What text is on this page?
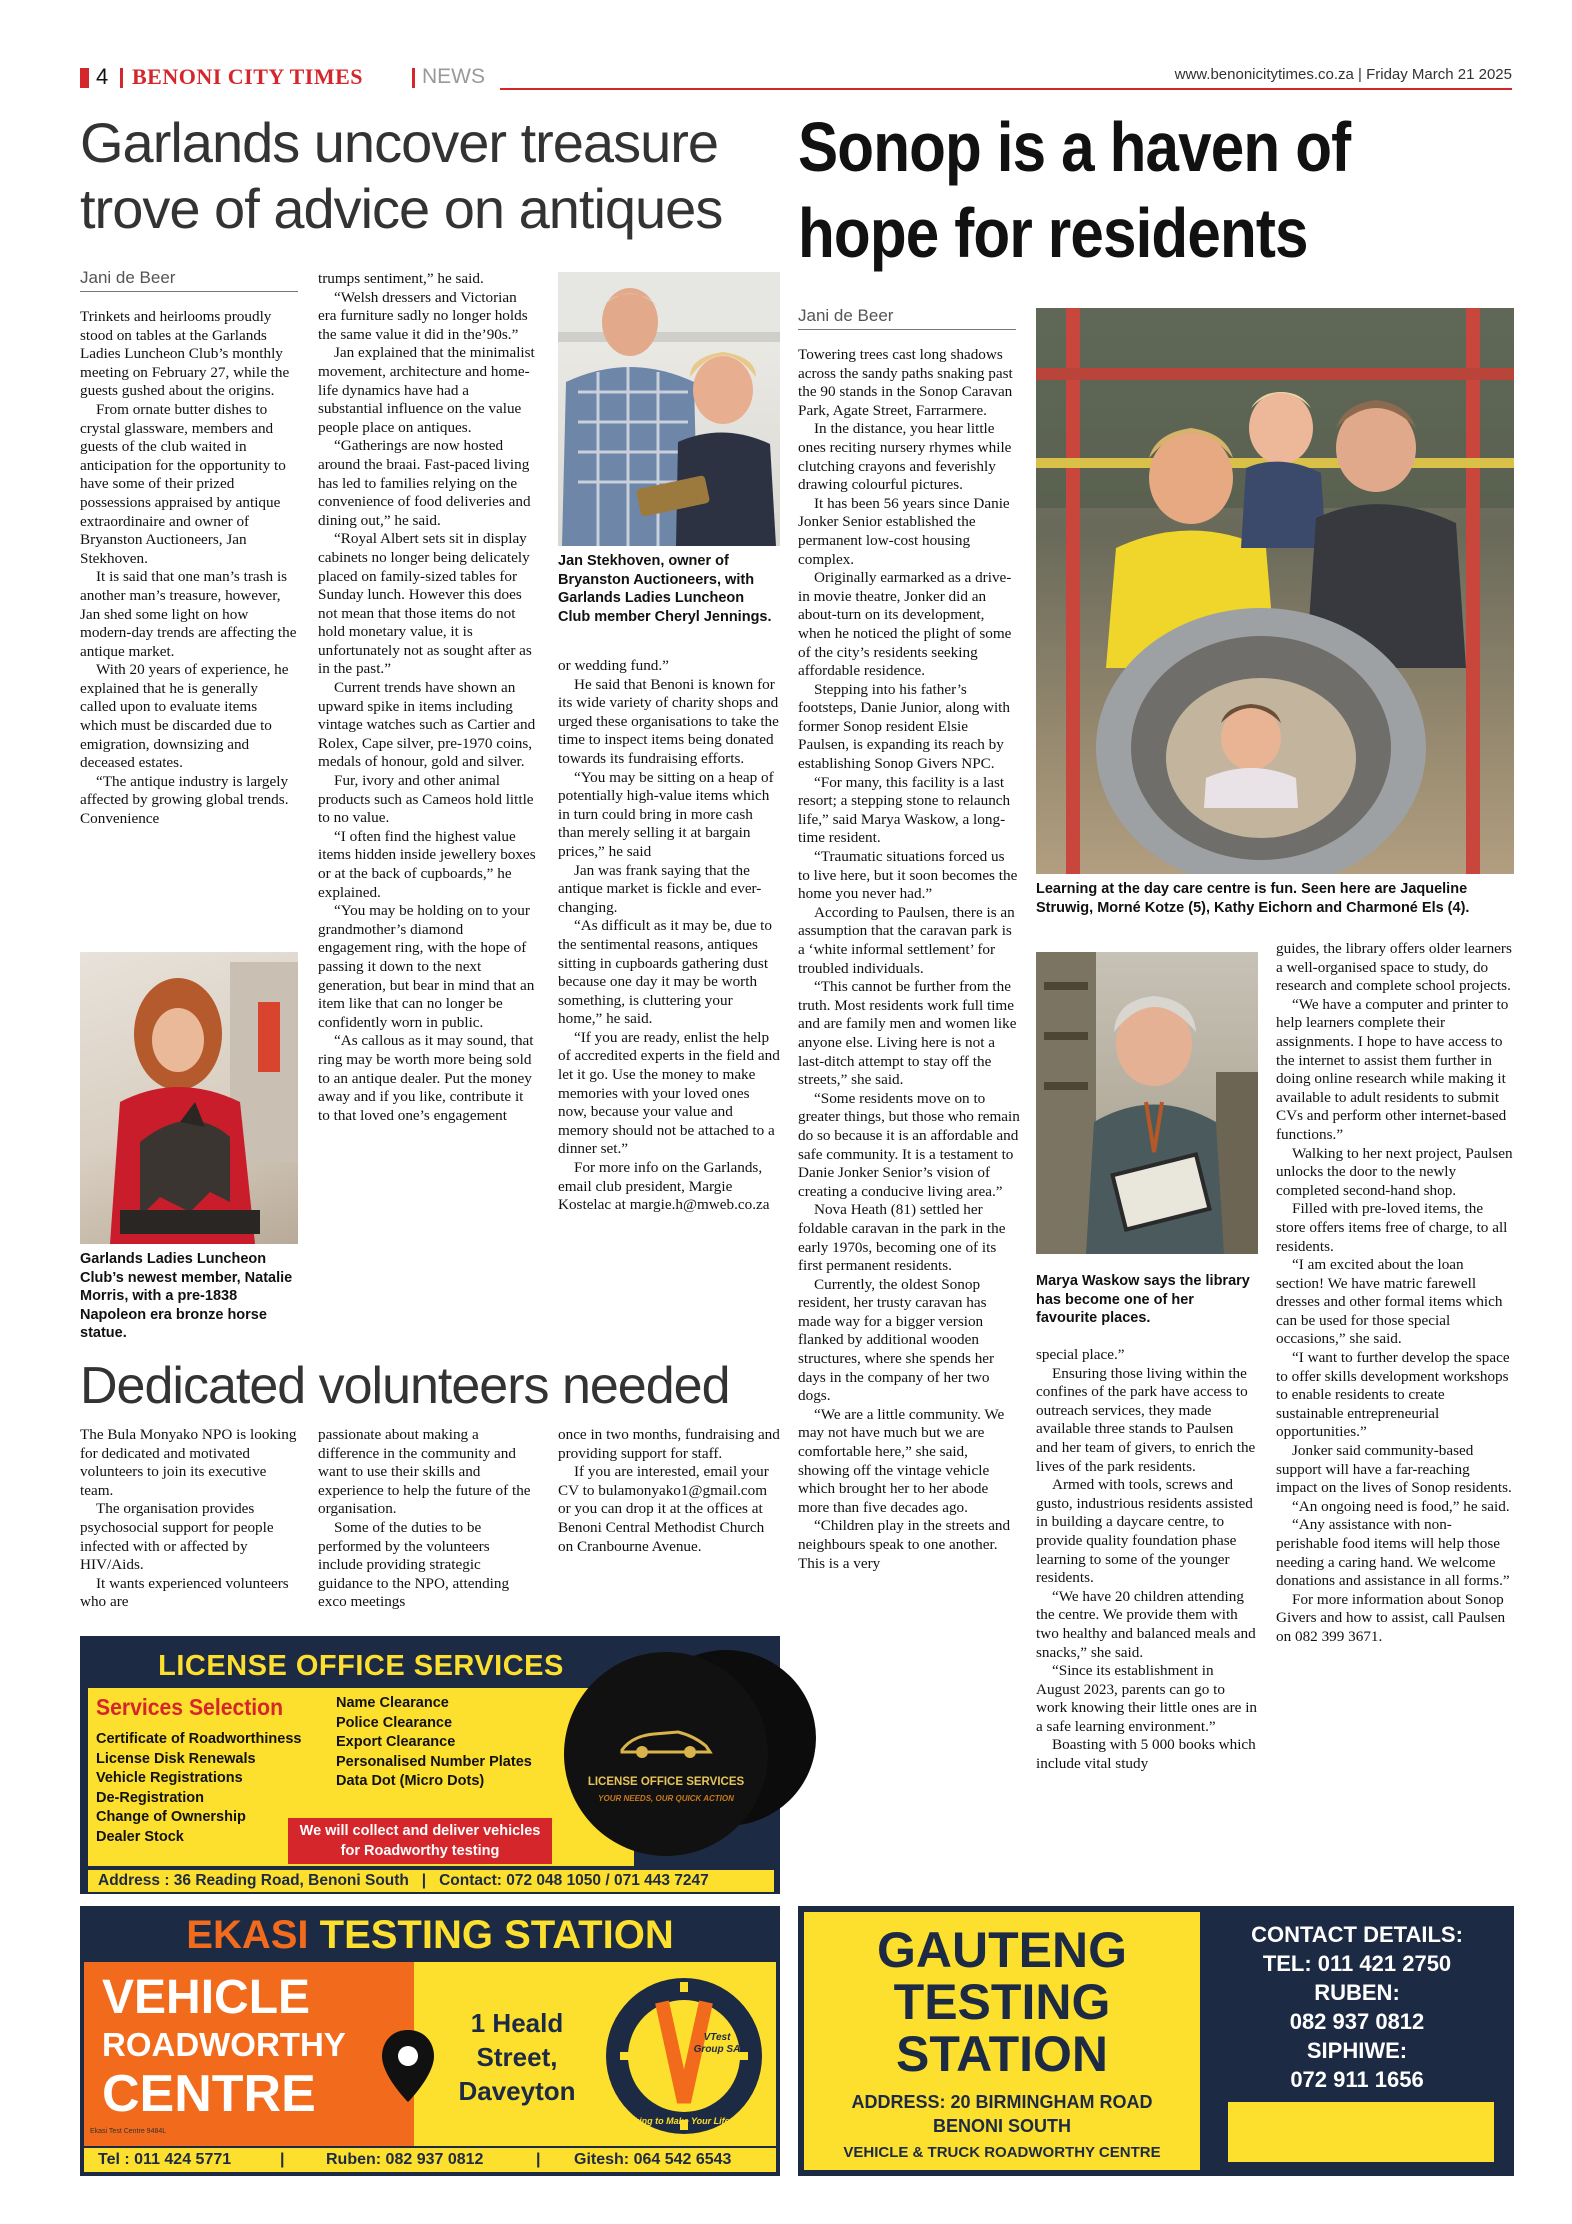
4 BENONI CITY TIMES	NEWS	www.benonicitytimes.co.za | Friday March 21 2025
Garlands uncover treasure
trove of advice on antiques
Jani de Beer

Trinkets and heirlooms proudly stood on tables at the Garlands Ladies Luncheon Club’s monthly meeting on February 27, while the guests gushed about the origins.

From ornate butter dishes to crystal glassware, members and guests of the club waited in anticipation for the opportunity to have some of their prized possessions appraised by antique extraordinaire and owner of Bryanston Auctioneers, Jan Stekhoven.

It is said that one man’s trash is another man’s treasure, however, Jan shed some light on how modern-day trends are affecting the antique market.

With 20 years of experience, he explained that he is generally called upon to evaluate items which must be discarded due to emigration, downsizing and deceased estates.

“The antique industry is largely affected by growing global trends. Convenience

Garlands Ladies Luncheon Club’s newest member, Natalie Morris, with a pre-1838 Napoleon era bronze horse statue.

trumps sentiment,” he said.

“Welsh dressers and Victorian era furniture sadly no longer holds the same value it did in the’90s.”

Jan explained that the minimalist movement, architecture and home-life dynamics have had a substantial influence on the value people place on antiques.

“Gatherings are now hosted around the braai. Fast-paced living has led to families relying on the convenience of food deliveries and dining out,” he said.

“Royal Albert sets sit in display cabinets no longer being delicately placed on family-sized tables for Sunday lunch. However this does not mean that those items do not hold monetary value, it is unfortunately not as sought after as in the past.”

Current trends have shown an upward spike in items including vintage watches such as Cartier and Rolex, Cape silver, pre-1970 coins, medals of honour, gold and silver.

Fur, ivory and other animal products such as Cameos hold little to no value.

“I often find the highest value items hidden inside jewellery boxes or at the back of cupboards,” he explained.

“You may be holding on to your grandmother’s diamond engagement ring, with the hope of passing it down to the next generation, but bear in mind that an item like that can no longer be confidently worn in public.

“As callous as it may sound, that ring may be worth more being sold to an antique dealer. Put the money away and if you like, contribute it to that loved one’s engagement

Jan Stekhoven, owner of Bryanston Auctioneers, with Garlands Ladies Luncheon Club member Cheryl Jennings.

or wedding fund.”

He said that Benoni is known for its wide variety of charity shops and urged these organisations to take the time to inspect items being donated towards its fundraising efforts.

“You may be sitting on a heap of potentially high-value items which in turn could bring in more cash than merely selling it at bargain prices,” he said

Jan was frank saying that the antique market is fickle and ever-changing.

“As difficult as it may be, due to the sentimental reasons, antiques sitting in cupboards gathering dust because one day it may be worth something, is cluttering your home,” he said.

“If you are ready, enlist the help of accredited experts in the field and let it go. Use the money to make memories with your loved ones now, because your value and memory should not be attached to a dinner set.”

For more info on the Garlands, email club president, Margie Kostelac at margie.h@mweb.co.za

Dedicated volunteers needed

The Bula Monyako NPO is looking for dedicated and motivated volunteers to join its executive team.

The organisation provides psychosocial support for people infected with or affected by HIV/Aids.

It wants experienced volunteers who are

passionate about making a difference in the community and want to use their skills and experience to help the future of the organisation.

Some of the duties to be performed by the volunteers include providing strategic guidance to the NPO, attending exco meetings

once in two months, fundraising and providing support for staff.

If you are interested, email your CV to bulamonyako1@gmail.com or you can drop it at the offices at Benoni Central Methodist Church on Cranbourne Avenue.

Sonop is a haven of
hope for residents
Jani de Beer

Towering trees cast long shadows across the sandy paths snaking past the 90 stands in the Sonop Caravan Park, Agate Street, Farrarmere.

In the distance, you hear little ones reciting nursery rhymes while clutching crayons and feverishly drawing colourful pictures.

It has been 56 years since Danie Jonker Senior established the permanent low-cost housing complex.

Originally earmarked as a drive-in movie theatre, Jonker did an about-turn on its development, when he noticed the plight of some of the city’s residents seeking affordable residence.

Stepping into his father’s footsteps, Danie Junior, along with former Sonop resident Elsie Paulsen, is expanding its reach by establishing Sonop Givers NPC.

“For many, this facility is a last resort; a stepping stone to relaunch life,” said Marya Waskow, a long-time resident.

“Traumatic situations forced us to live here, but it soon becomes the home you never had.”

According to Paulsen, there is an assumption that the caravan park is a ‘white informal settlement’ for troubled individuals.

“This cannot be further from the truth. Most residents work full time and are family men and women like anyone else. Living here is not a last-ditch attempt to stay off the streets,” she said.

“Some residents move on to greater things, but those who remain do so because it is an affordable and safe community. It is a testament to Danie Jonker Senior’s vision of creating a conducive living area.”

Nova Heath (81) settled her foldable caravan in the park in the early 1970s, becoming one of its first permanent residents.

Currently, the oldest Sonop resident, her trusty caravan has made way for a bigger version flanked by additional wooden structures, where she spends her days in the company of her two dogs.

“We are a little community. We may not have much but we are comfortable here,” she said, showing off the vintage vehicle which brought her to her abode more than five decades ago.

“Children play in the streets and neighbours speak to one another. This is a very

Learning at the day care centre is fun. Seen here are Jaqueline Struwig, Morné Kotze (5), Kathy Eichorn and Charmoné Els (4).
Marya Waskow says the library has become one of her favourite places.

special place.”

Ensuring those living within the confines of the park have access to outreach services, they made available three stands to Paulsen and her team of givers, to enrich the lives of the park residents.

Armed with tools, screws and gusto, industrious residents assisted in building a daycare centre, to provide quality foundation phase learning to some of the younger residents.

“We have 20 children attending the centre. We provide them with two healthy and balanced meals and snacks,” she said.

“Since its establishment in August 2023, parents can go to work knowing their little ones are in a safe learning environment.”

Boasting with 5 000 books which include vital study

guides, the library offers older learners a well-organised space to study, do research and complete school projects.

“We have a computer and printer to help learners complete their assignments. I hope to have access to the internet to assist them further in doing online research while making it available to adult residents to submit CVs and perform other internet-based functions.”

Walking to her next project, Paulsen unlocks the door to the newly completed second-hand shop.

Filled with pre-loved items, the store offers items free of charge, to all residents.

“I am excited about the loan section! We have matric farewell dresses and other formal items which can be used for those special occasions,” she said.

“I want to further develop the space to offer skills development workshops to enable residents to create sustainable entrepreneurial opportunities.”

Jonker said community-based support will have a far-reaching impact on the lives of Sonop residents.

“An ongoing need is food,” he said.

“Any assistance with non-perishable food items will help those needing a caring hand. We welcome donations and assistance in all forms.”

For more information about Sonop Givers and how to assist, call Paulsen on 082 399 3671.

LICENSE OFFICE SERVICES
Services Selection
Certificate of Roadworthiness
License Disk Renewals
Vehicle Registrations
De-Registration
Change of Ownership
Dealer Stock
Name Clearance
Police Clearance
Export Clearance
Personalised Number Plates
Data Dot (Micro Dots)
We will collect and deliver vehicles for Roadworthy testing
Address : 36 Reading Road, Benoni South   |   Contact: 072 048 1050 / 071 443 7247
LICENSE OFFICE SERVICES
YOUR NEEDS, OUR QUICK ACTION
EKASI TESTING STATION
VEHICLE
ROADWORTHY
CENTRE
Ekasi Test Centre 9484L
1 Heald
Street,
Daveyton
VTest Group SA
Working to Make Your Life Safe
Tel : 011 424 5771	|	Ruben: 082 937 0812	| Gitesh: 064 542 6543
GAUTENG
TESTING
STATION
ADDRESS: 20 BIRMINGHAM ROAD
BENONI SOUTH
VEHICLE & TRUCK ROADWORTHY CENTRE
CONTACT DETAILS:
TEL: 011 421 2750
RUBEN:
082 937 0812
SIPHIWE:
072 911 1656
